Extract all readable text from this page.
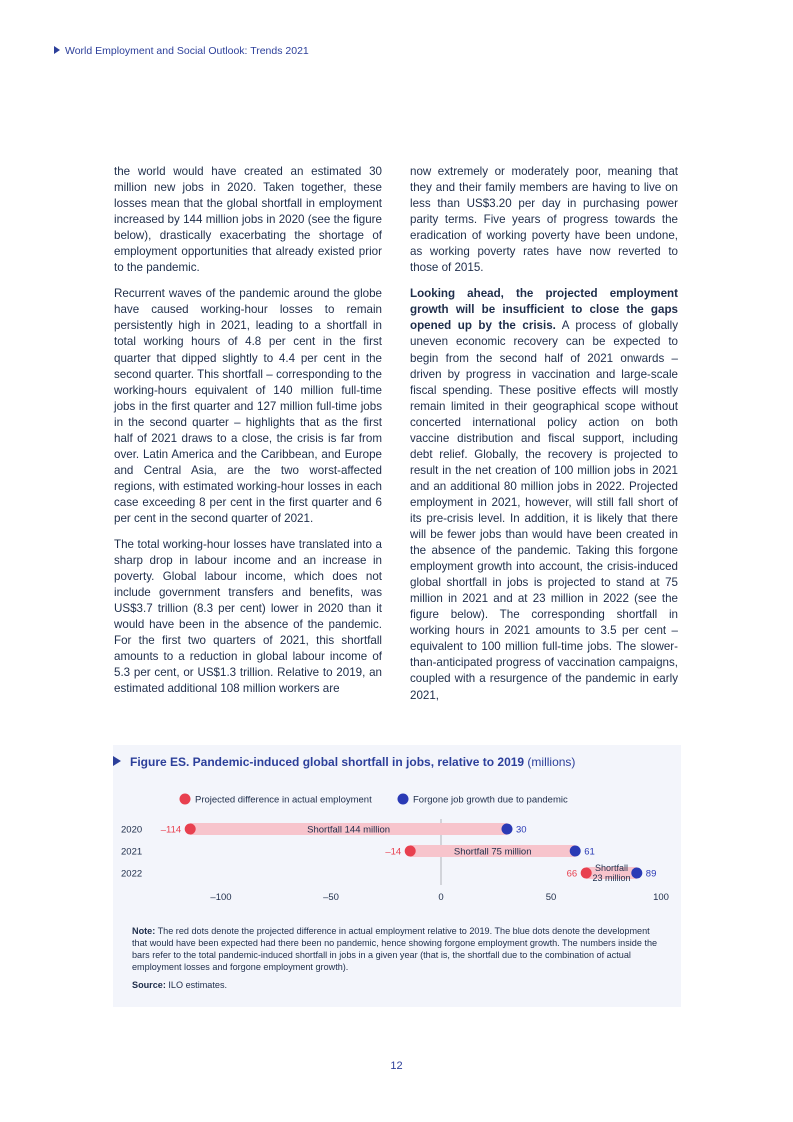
World Employment and Social Outlook: Trends 2021

the world would have created an estimated 30 million new jobs in 2020. Taken together, these losses mean that the global shortfall in employment increased by 144 million jobs in 2020 (see the figure below), drastically exacerbating the shortage of employment opportunities that already existed prior to the pandemic.

Recurrent waves of the pandemic around the globe have caused working-hour losses to remain persistently high in 2021, leading to a shortfall in total working hours of 4.8 per cent in the first quarter that dipped slightly to 4.4 per cent in the second quarter. This shortfall – corresponding to the working-hours equivalent of 140 million full-time jobs in the first quarter and 127 million full-time jobs in the second quarter – highlights that as the first half of 2021 draws to a close, the crisis is far from over. Latin America and the Caribbean, and Europe and Central Asia, are the two worst-affected regions, with estimated working-hour losses in each case exceeding 8 per cent in the first quarter and 6 per cent in the second quarter of 2021.

The total working-hour losses have translated into a sharp drop in labour income and an increase in poverty. Global labour income, which does not include government transfers and benefits, was US$3.7 trillion (8.3 per cent) lower in 2020 than it would have been in the absence of the pandemic. For the first two quarters of 2021, this shortfall amounts to a reduction in global labour income of 5.3 per cent, or US$1.3 trillion. Relative to 2019, an estimated additional 108 million workers are

now extremely or moderately poor, meaning that they and their family members are having to live on less than US$3.20 per day in purchasing power parity terms. Five years of progress towards the eradication of working poverty have been undone, as working poverty rates have now reverted to those of 2015.

Looking ahead, the projected employment growth will be insufficient to close the gaps opened up by the crisis. A process of globally uneven economic recovery can be expected to begin from the second half of 2021 onwards – driven by progress in vaccination and large-scale fiscal spending. These positive effects will mostly remain limited in their geographical scope without concerted international policy action on both vaccine distribution and fiscal support, including debt relief. Globally, the recovery is projected to result in the net creation of 100 million jobs in 2021 and an additional 80 million jobs in 2022. Projected employment in 2021, however, will still fall short of its pre-crisis level. In addition, it is likely that there will be fewer jobs than would have been created in the absence of the pandemic. Taking this forgone employment growth into account, the crisis-induced global shortfall in jobs is projected to stand at 75 million in 2021 and at 23 million in 2022 (see the figure below). The corresponding shortfall in working hours in 2021 amounts to 3.5 per cent – equivalent to 100 million full-time jobs. The slower-than-anticipated progress of vaccination campaigns, coupled with a resurgence of the pandemic in early 2021,

Figure ES. Pandemic-induced global shortfall in jobs, relative to 2019 (millions)
Projected difference in actual employment	Forgone job growth due to pandemic
2020 –114	30
Shortfall 144 million
2021	–14	61
Shortfall 75 million
2022	66	89
Shortfall 23 million
–100	–50	0	50	100

Note: The red dots denote the projected difference in actual employment relative to 2019. The blue dots denote the development that would have been expected had there been no pandemic, hence showing forgone employment growth. The numbers inside the bars refer to the total pandemic-induced shortfall in jobs in a given year (that is, the shortfall due to the combination of actual employment losses and forgone employment growth).

Source: ILO estimates.

12
